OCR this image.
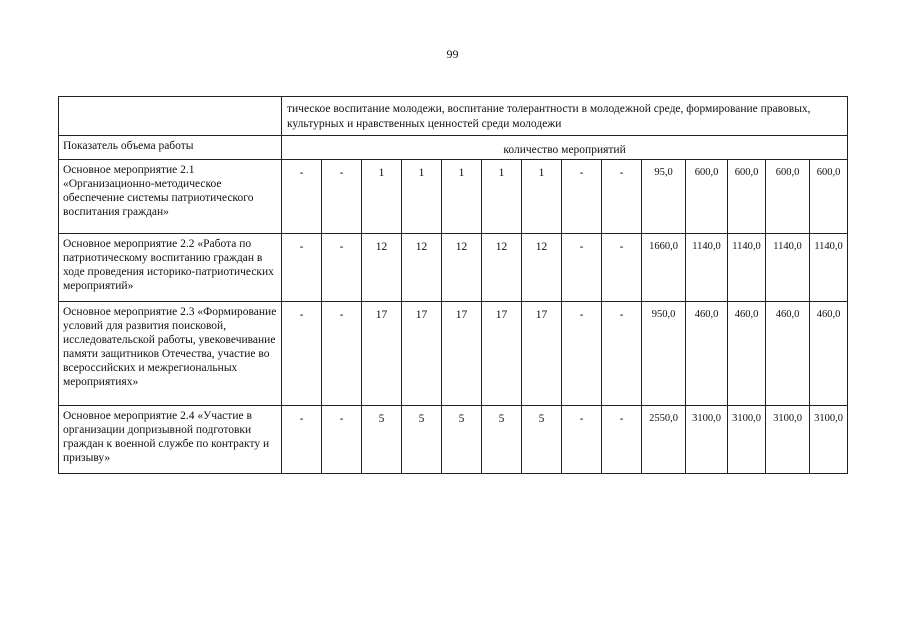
99
	тическое воспитание молодежи, воспитание толерантности в молодежной среде, формирование правовых, культурных и нравственных ценностей среди молодежи													
Показатель объема работы	количество мероприятий													
Основное мероприятие 2.1 «Организационно-методическое обеспечение системы патриотического воспитания граждан»	-	-	1	1	1	1	1	-	-	95,0	600,0	600,0	600,0	600,0
Основное мероприятие 2.2 «Работа по патриотическому воспитанию граждан в ходе проведения историко-патриотических мероприятий»	-	-	12	12	12	12	12	-	-	1660,0	1140,0	1140,0	1140,0	1140,0
Основное мероприятие 2.3 «Формирование условий для развития поисковой, исследовательской работы, увековечивание памяти защитников Отечества, участие во всероссийских и межрегиональных мероприятиях»	-	-	17	17	17	17	17	-	-	950,0	460,0	460,0	460,0	460,0
Основное мероприятие 2.4 «Участие в организации допризывной подготовки граждан к военной службе по контракту и призыву»	-	-	5	5	5	5	5	-	-	2550,0	3100,0	3100,0	3100,0	3100,0
